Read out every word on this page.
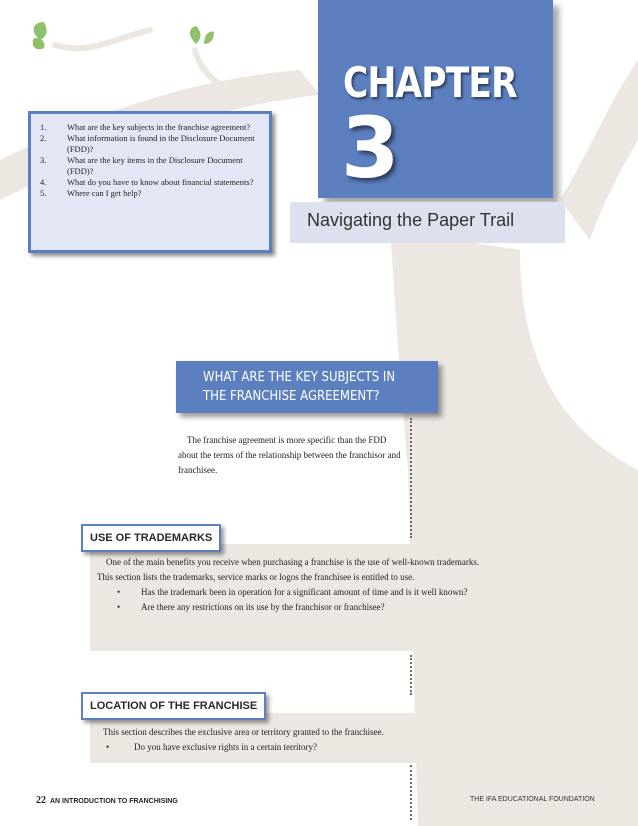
CHAPTER
3
Navigating the Paper Trail
1. What are the key subjects in the franchise agreement?
2. What information is found in the Disclosure Document (FDD)?
3. What are the key items in the Disclosure Document (FDD)?
4. What do you have to know about financial statements?
5. Where can I get help?
WHAT ARE THE KEY SUBJECTS IN
THE FRANCHISE AGREEMENT?
The franchise agreement is more specific than the FDD about the terms of the relationship between the franchisor and franchisee.
USE OF TRADEMARKS

One of the main benefits you receive when purchasing a franchise is the use of well-known trademarks. This section lists the trademarks, service marks or logos the franchisee is entitled to use.

• Has the trademark been in operation for a significant amount of time and is it well known?
• Are there any restrictions on its use by the franchisor or franchisee?
LOCATION OF THE FRANCHISE

This section describes the exclusive area or territory granted to the franchisee.

•	Do you have exclusive rights in a certain territory?
22 AN INTRODUCTION TO FRANCHISING	THE IFA EDUCATIONAL FOUNDATION
